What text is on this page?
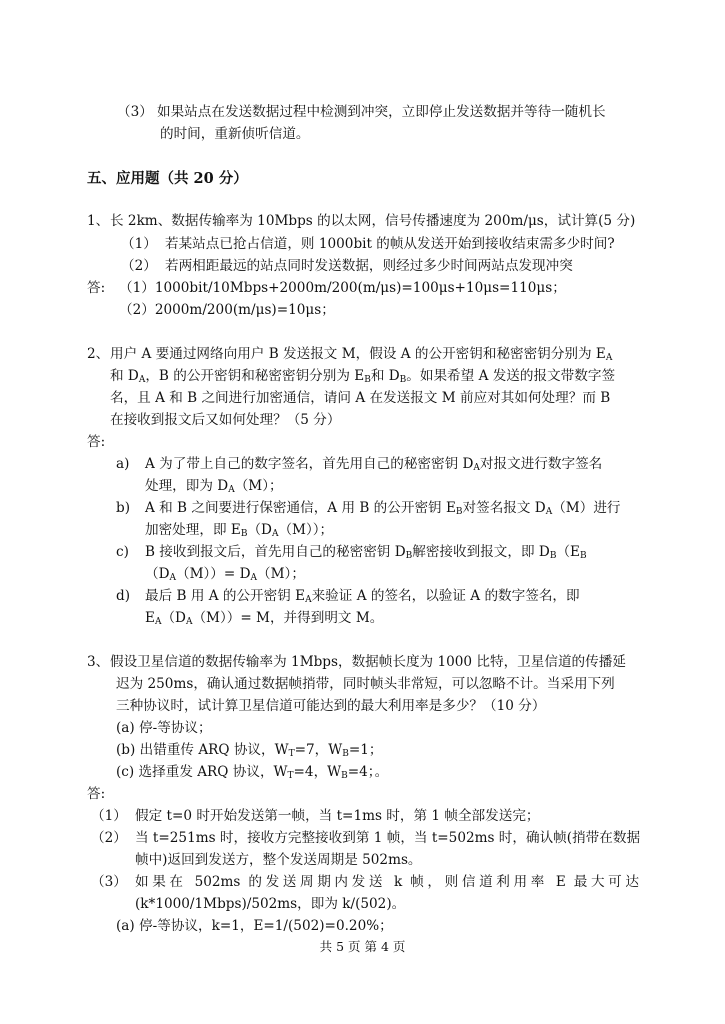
（3） 如果站点在发送数据过程中检测到冲突，立即停止发送数据并等待一随机长
的时间，重新侦听信道。
五、应用题（共 20 分）
1、 长 2km、数据传输率为 10Mbps 的以太网，信号传播速度为 200m/μs，试计算(5 分)
（1） 若某站点已抢占信道，则 1000bit 的帧从发送开始到接收结束需多少时间?
（2） 若两相距最远的站点同时发送数据，则经过多少时间两站点发现冲突
答: （1）1000bit/10Mbps+2000m/200(m/μs)=100μs+10μs=110μs；
（2）2000m/200(m/μs)=10μs；
2、 用户 A 要通过网络向用户 B 发送报文 M，假设 A 的公开密钥和秘密密钥分别为 $E_A$
和 $D_A$，B 的公开密钥和秘密密钥分别为 $E_B$和 $D_B$。如果希望 A 发送的报文带数字签
名，且 A 和 B 之间进行加密通信，请问 A 在发送报文 M 前应对其如何处理？而 B
在接收到报文后又如何处理？（5 分）
答:
a) A 为了带上自己的数字签名，首先用自己的秘密密钥 $D_A$对报文进行数字签名
处理，即为 $D_A(M)$；
b) A 和 B 之间要进行保密通信，A 用 B 的公开密钥 $E_B$对签名报文 $D_A(M)$进行
加密处理，即 $E_B(D_A(M))$；
c) B 接收到报文后，首先用自己的秘密密钥 $D_B$解密接收到报文，即 $D_B(E_B$
$(D_A(M))= D_A(M)$；
d) 最后 B 用 A 的公开密钥 $E_A$来验证 A 的签名，以验证 A 的数字签名，即
$E_A(D_A(M))= M$，并得到明文 M。
3、 假设卫星信道的数据传输率为 1Mbps，数据帧长度为 1000 比特，卫星信道的传播延
迟为 250ms，确认通过数据帧捎带，同时帧头非常短，可以忽略不计。当采用下列
三种协议时，试计算卫星信道可能达到的最大利用率是多少？（10 分）
(a) 停-等协议；
(b) 出错重传 ARQ 协议，$W_T=7$，$W_B=1$；
(c) 选择重发 ARQ 协议，$W_T=4$，$W_B=4$；。
答:
（1） 假定 t=0 时开始发送第一帧，当 t=1ms 时，第 1 帧全部发送完；
（2） 当 t=251ms 时，接收方完整接收到第 1 帧，当 t=502ms 时，确认帧(捎带在数据
帧中)返回到发送方，整个发送周期是 502ms。
（3） 如果在 502ms 的发送周期内发送 k 帧，则信道利用率 E 最大可达
(k*1000/1Mbps)/502ms，即为 k/(502)。
(a) 停-等协议，k=1，E=1/(502)=0.20%；
共 5 页 第 4 页
